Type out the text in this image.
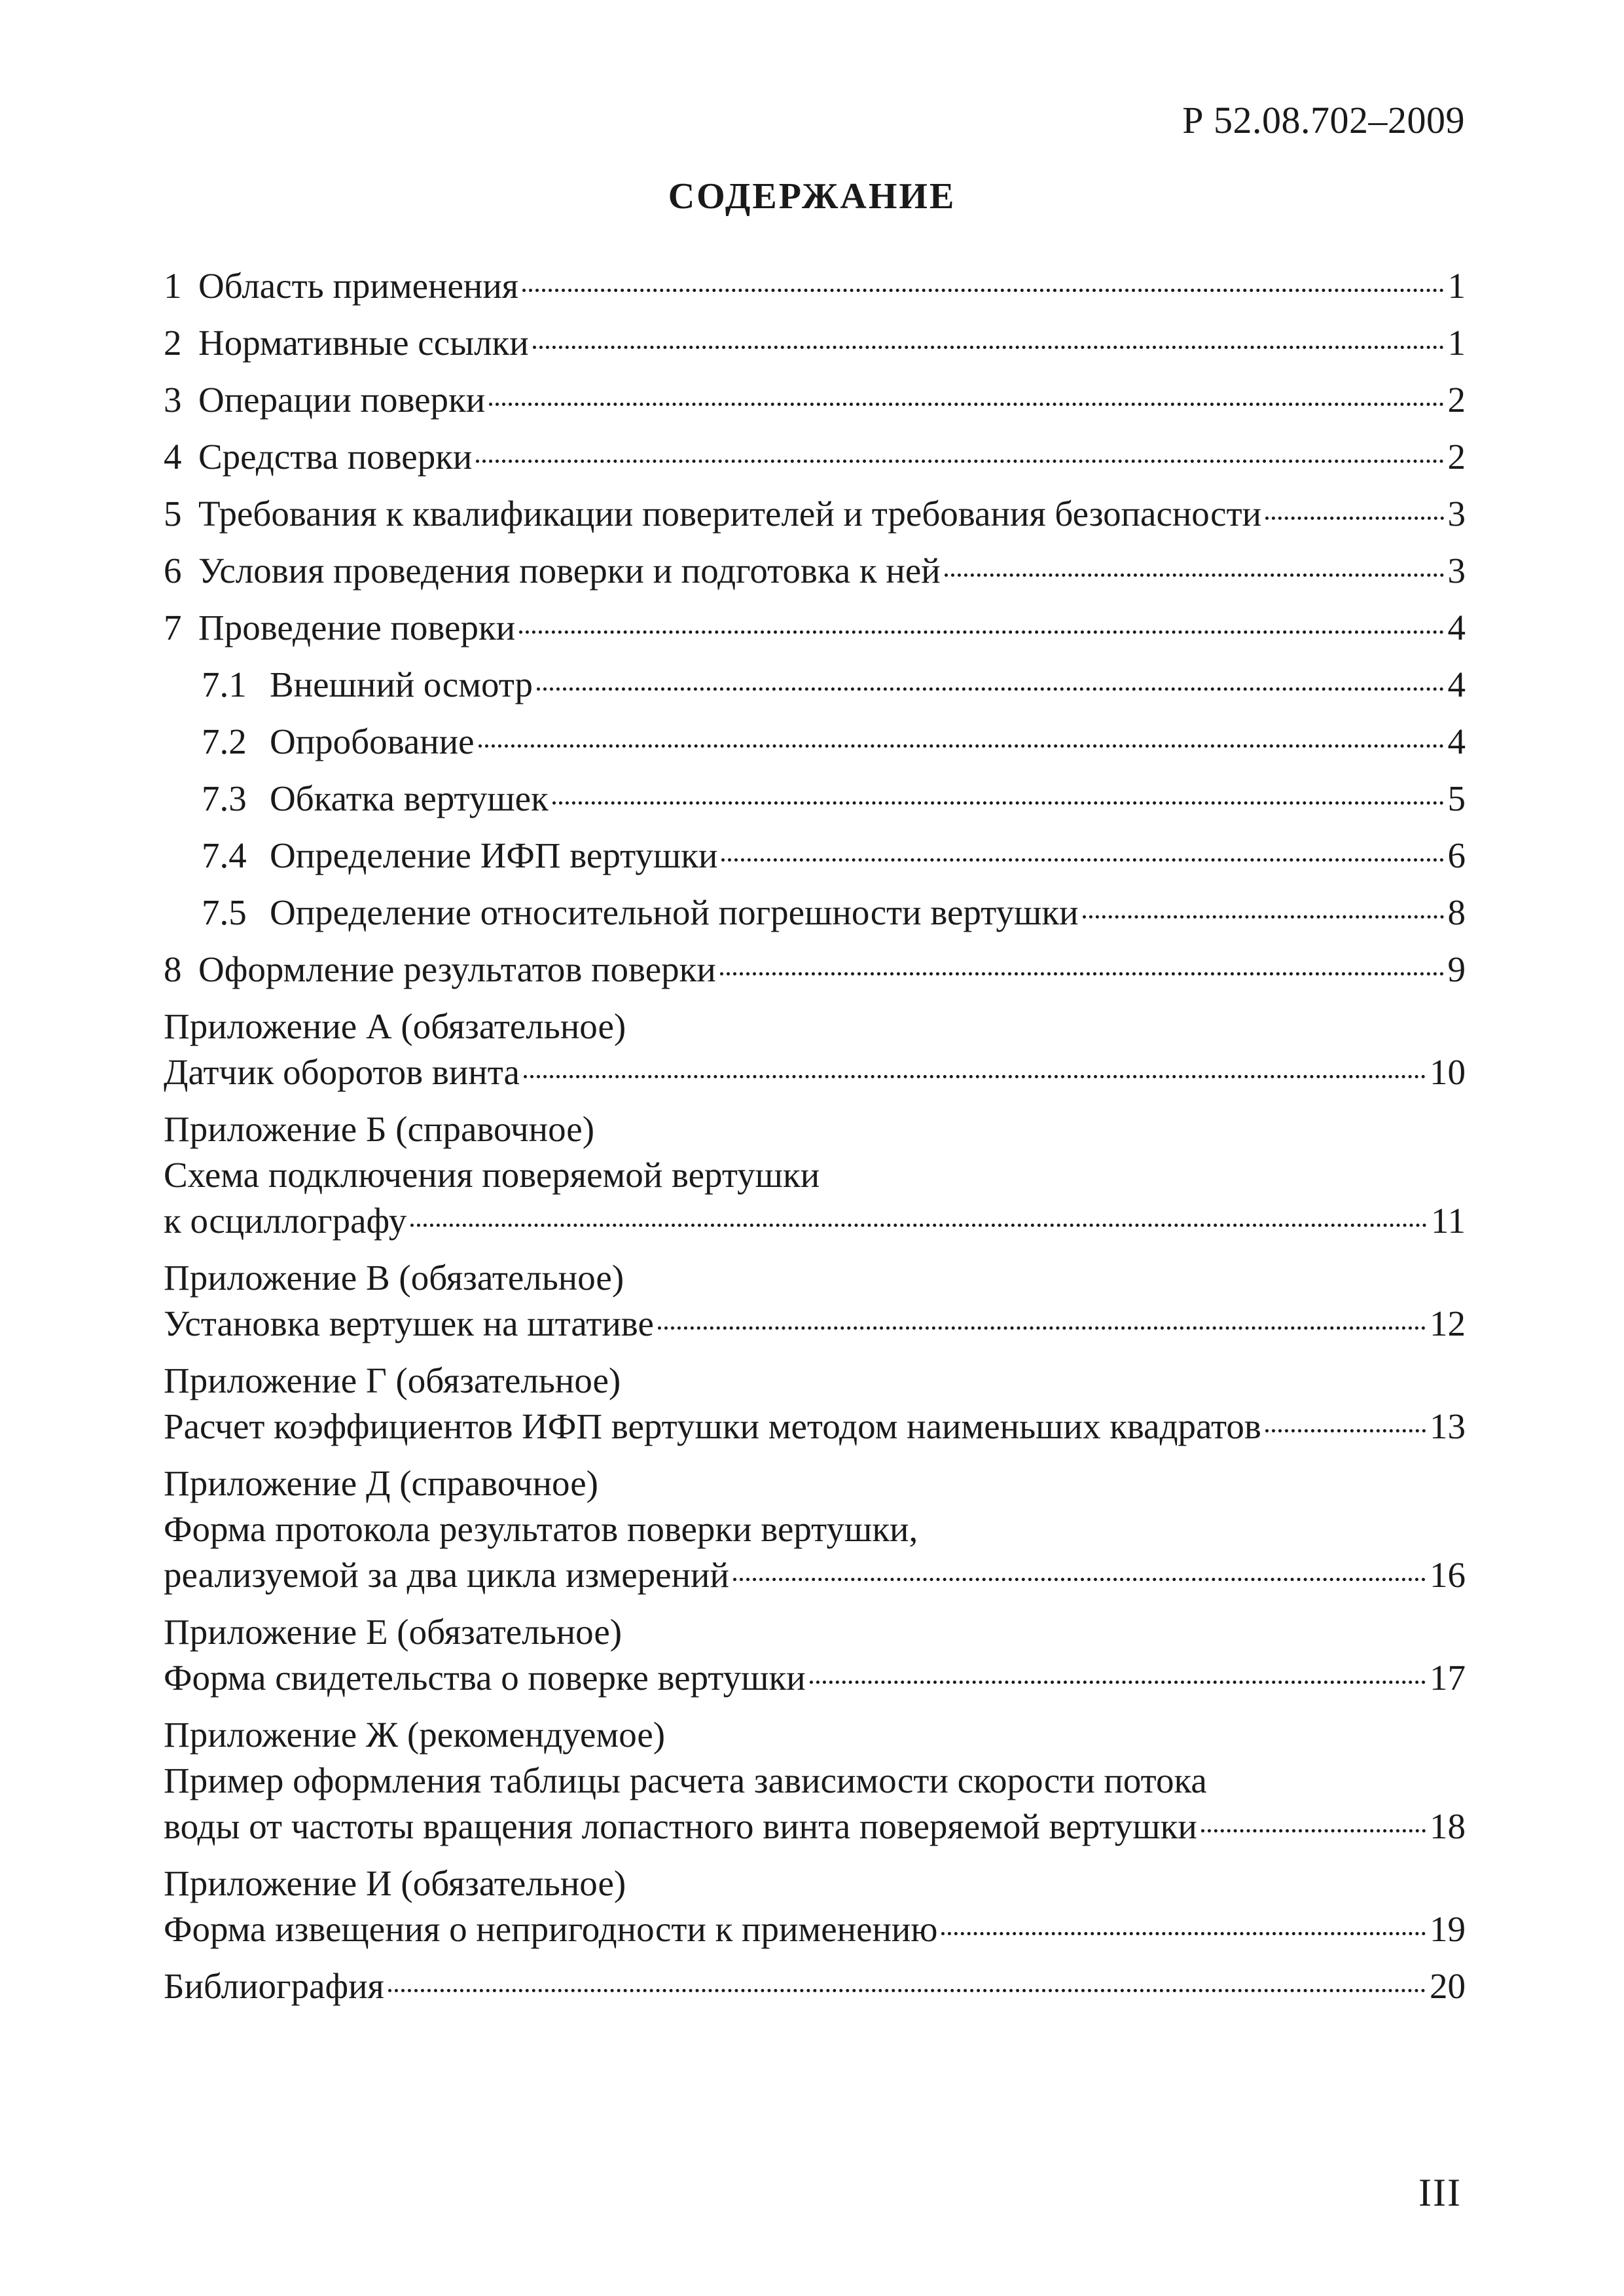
Р 52.08.702–2009
СОДЕРЖАНИЕ
1 Область применения	1
2 Нормативные ссылки	1
3 Операции поверки	2
4 Средства поверки	2
5 Требования к квалификации поверителей и требования безопасности	3
6 Условия проведения поверки и подготовка к ней	3
7 Проведение поверки	4
7.1 Внешний осмотр	4
7.2 Опробование	4
7.3 Обкатка вертушек	5
7.4 Определение ИФП вертушки	6
7.5 Определение относительной погрешности вертушки	8
8 Оформление результатов поверки	9
Приложение А (обязательное)
Датчик оборотов винта	10
Приложение Б (справочное)
Схема подключения поверяемой вертушки
к осциллографу	11
Приложение В (обязательное)
Установка вертушек на штативе	12
Приложение Г (обязательное)
Расчет коэффициентов ИФП вертушки методом наименьших квадратов	13
Приложение Д (справочное)
Форма протокола результатов поверки вертушки,
реализуемой за два цикла измерений	16
Приложение Е (обязательное)
Форма свидетельства о поверке вертушки	17
Приложение Ж (рекомендуемое)
Пример оформления таблицы расчета зависимости скорости потока
воды от частоты вращения лопастного винта поверяемой вертушки	18
Приложение И (обязательное)
Форма извещения о непригодности к применению	19
Библиография	20
III
